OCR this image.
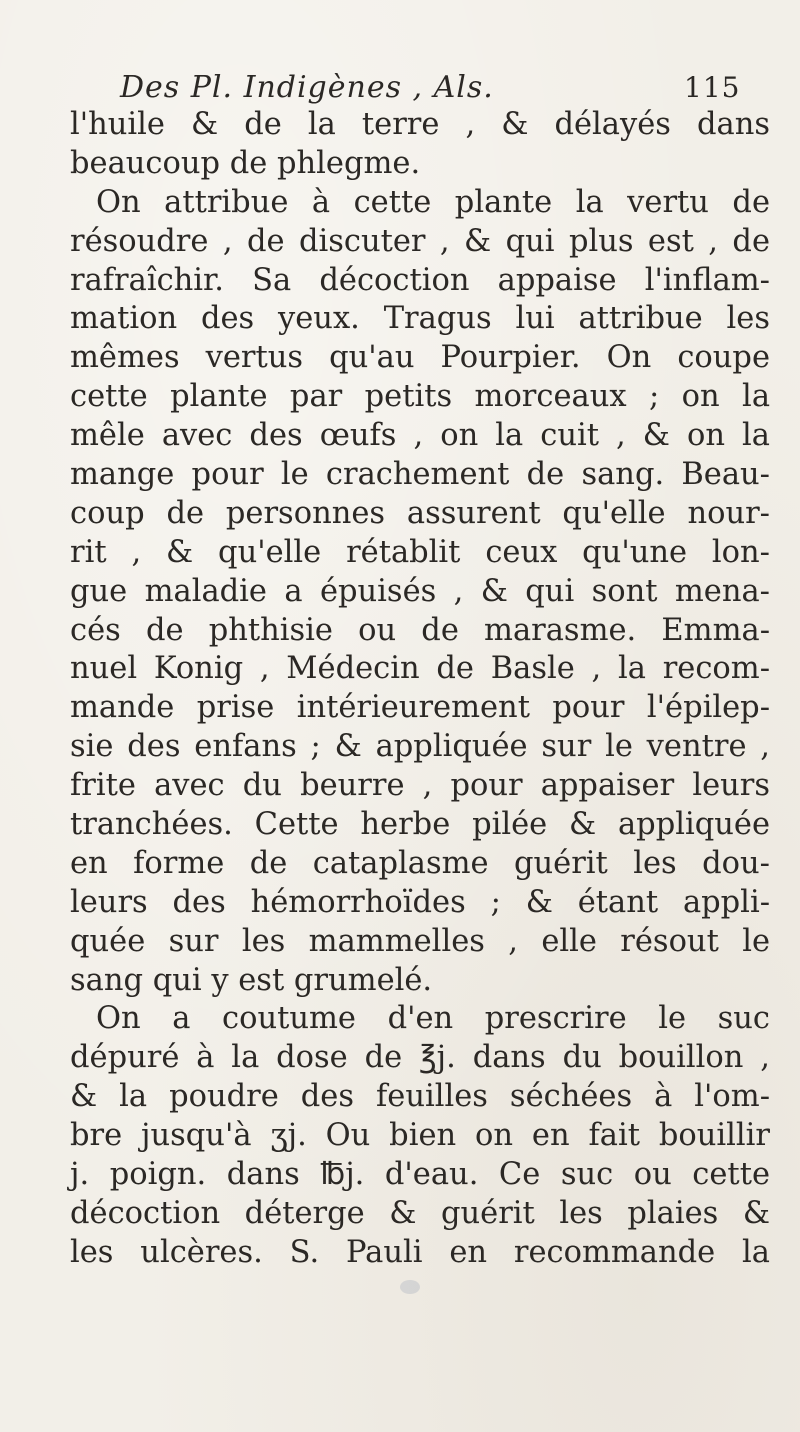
Des Pl. Indigènes , Als.	115
l'huile & de la terre , & délayés dans
beaucoup de phlegme.
On attribue à cette plante la vertu de
résoudre , de discuter , & qui plus est , de
rafraîchir. Sa décoction appaise l'inflam-
mation des yeux. Tragus lui attribue les
mêmes vertus qu'au Pourpier. On coupe
cette plante par petits morceaux ; on la
mêle avec des œufs , on la cuit , & on la
mange pour le crachement de sang. Beau-
coup de personnes assurent qu'elle nour-
rit , & qu'elle rétablit ceux qu'une lon-
gue maladie a épuisés , & qui sont mena-
cés de phthisie ou de marasme. Emma-
nuel Konig , Médecin de Basle , la recom-
mande prise intérieurement pour l'épilep-
sie des enfans ; & appliquée sur le ventre ,
frite avec du beurre , pour appaiser leurs
tranchées. Cette herbe pilée & appliquée
en forme de cataplasme guérit les dou-
leurs des hémorrhoïdes ; & étant appli-
quée sur les mammelles , elle résout le
sang qui y est grumelé.
On a coutume d'en prescrire le suc
dépuré à la dose de ℥j. dans du bouillon ,
& la poudre des feuilles séchées à l'om-
bre jusqu'à ʒj. Ou bien on en fait bouillir
j. poign. dans ℔j. d'eau. Ce suc ou cette
décoction déterge & guérit les plaies &
les ulcères. S. Pauli en recommande la
